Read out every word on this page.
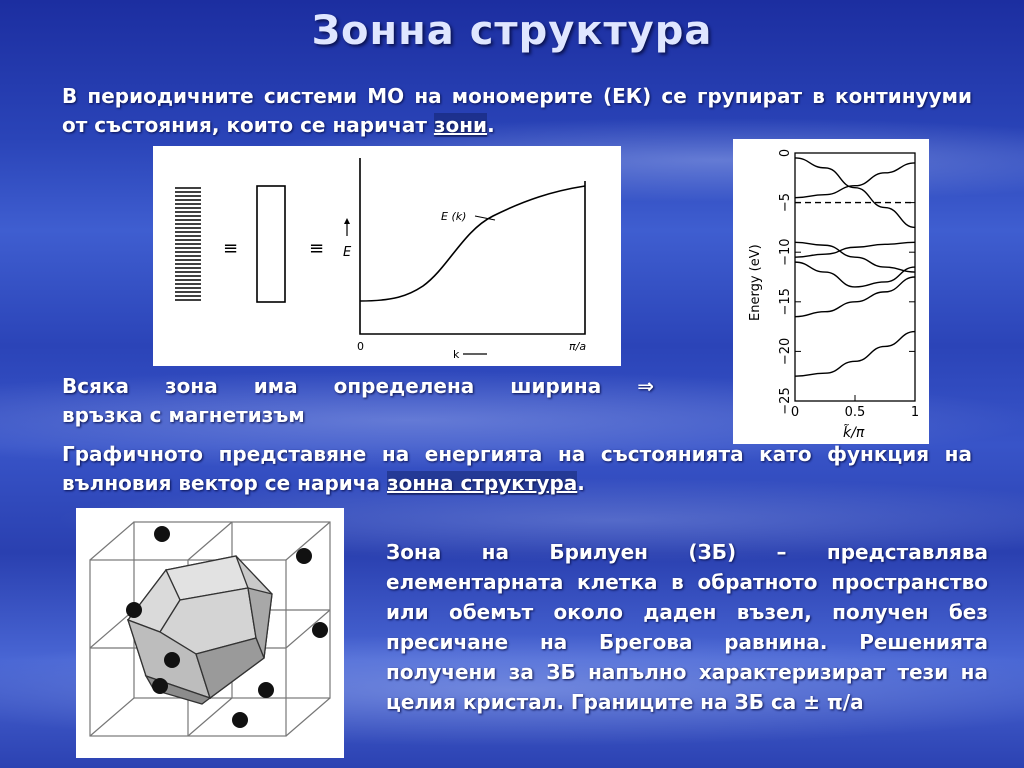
Зонна структура
В периодичните системи МО на мономерите (ЕК) се групират в континууми от състояния, които се наричат зони.
≡	≡ E
E (k)
0
k
π/a
0
−5
−10
−15
−20
−25
0	0.5	1
Energy (eV)
k̃/π
Всяка зона има определена ширина ⇒
връзка с магнетизъм
Графичното представяне на енергията на състоянията като функция на вълновия вектор се нарича зонна структура.
Зона на Брилуен (ЗБ) – представлява елементарната клетка в обратното пространство или обемът около даден възел, получен без пресичане на Брегова равнина. Решенията получени за ЗБ напълно характеризират тези на целия кристал. Границите на ЗБ са ± π/a
